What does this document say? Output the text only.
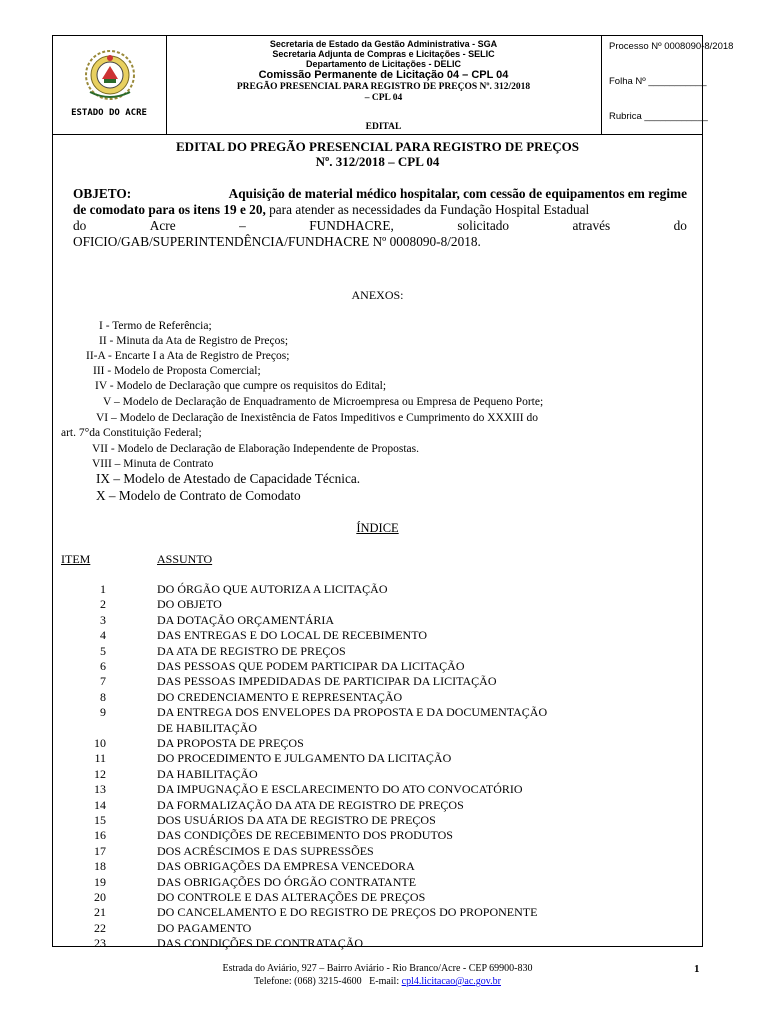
ESTADO DO ACRE
Secretaria de Estado da Gestão Administrativa - SGA
Secretaria Adjunta de Compras e Licitações - SELIC
Departamento de Licitações - DELIC
Comissão Permanente de Licitação 04 – CPL 04
PREGÃO PRESENCIAL PARA REGISTRO DE PREÇOS Nº. 312/2018
– CPL 04
EDITAL
Processo Nº 0008090-8/2018
Folha Nº ___________
Rubrica ____________
EDITAL DO PREGÃO PRESENCIAL PARA REGISTRO DE PREÇOS
Nº. 312/2018 – CPL 04
OBJETO:	Aquisição de material médico hospitalar, com cessão de equipamentos em regime
de comodato para os itens 19 e 20, para atender as necessidades da Fundação Hospital Estadual
do	Acre	–	FUNDHACRE,	solicitado	através	do
OFICIO/GAB/SUPERINTENDÊNCIA/FUNDHACRE Nº 0008090-8/2018.
ANEXOS:
I - Termo de Referência;
II - Minuta da Ata de Registro de Preços;
II-A - Encarte I a Ata de Registro de Preços;
III - Modelo de Proposta Comercial;
IV - Modelo de Declaração que cumpre os requisitos do Edital;
V – Modelo de Declaração de Enquadramento de Microempresa ou Empresa de Pequeno Porte;
VI – Modelo de Declaração de Inexistência de Fatos Impeditivos e Cumprimento do XXXIII do
art. 7°da Constituição Federal;
VII - Modelo de Declaração de Elaboração Independente de Propostas.
VIII – Minuta de Contrato
IX – Modelo de Atestado de Capacidade Técnica.
X – Modelo de Contrato de Comodato
ÍNDICE
ITEM	ASSUNTO
1	DO ÓRGÃO QUE AUTORIZA A LICITAÇÃO
2	DO OBJETO
3	DA DOTAÇÃO ORÇAMENTÁRIA
4	DAS ENTREGAS E DO LOCAL DE RECEBIMENTO
5	DA ATA DE REGISTRO DE PREÇOS
6	DAS PESSOAS QUE PODEM PARTICIPAR DA LICITAÇÃO
7	DAS PESSOAS IMPEDIDADAS DE PARTICIPAR DA LICITAÇÃO
8	DO CREDENCIAMENTO E REPRESENTAÇÃO
9	DA ENTREGA DOS ENVELOPES DA PROPOSTA E DA DOCUMENTAÇÃO
DE HABILITAÇÃO
10	DA PROPOSTA DE PREÇOS
11	DO PROCEDIMENTO E JULGAMENTO DA LICITAÇÃO
12	DA HABILITAÇÃO
13	DA IMPUGNAÇÃO E ESCLARECIMENTO DO ATO CONVOCATÓRIO
14	DA FORMALIZAÇÃO DA ATA DE REGISTRO DE PREÇOS
15	DOS USUÁRIOS DA ATA DE REGISTRO DE PREÇOS
16	DAS CONDIÇÕES DE RECEBIMENTO DOS PRODUTOS
17	DOS ACRÉSCIMOS E DAS SUPRESSÕES
18	DAS OBRIGAÇÕES DA EMPRESA VENCEDORA
19	DAS OBRIGAÇÕES DO ÓRGÃO CONTRATANTE
20	DO CONTROLE E DAS ALTERAÇÕES DE PREÇOS
21	DO CANCELAMENTO E DO REGISTRO DE PREÇOS DO PROPONENTE
22	DO PAGAMENTO
23	DAS CONDIÇÕES DE CONTRATAÇÃO
Estrada do Aviário, 927 – Bairro Aviário - Rio Branco/Acre - CEP 69900-830
Telefone: (068) 3215-4600 E-mail: cpl4.licitacao@ac.gov.br
1
